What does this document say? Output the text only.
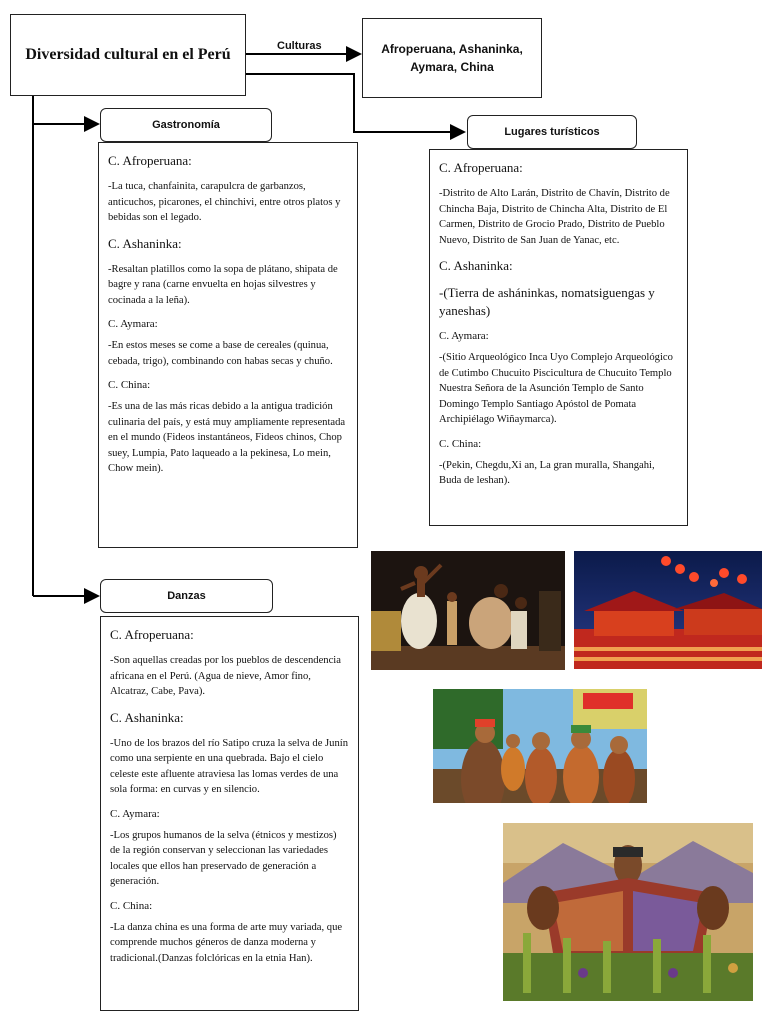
Diversidad cultural en el Perú	Culturas	Afroperuana, Ashaninka, Aymara, China
Gastronomía
C. Afroperuana:
-La tuca, chanfainita, carapulcra de garbanzos, anticuchos, picarones, el chinchivi, entre otros platos y bebidas son el legado.
C. Ashaninka:
-Resaltan platillos como la sopa de plátano, shipata de bagre y rana (carne envuelta en hojas silvestres y cocinada a la leña).
C. Aymara:
-En estos meses se come a base de cereales (quinua, cebada, trigo), combinando con habas secas y chuño.
C. China:
-Es una de las más ricas debido a la antigua tradición culinaria del país, y está muy ampliamente representada en el mundo (Fideos instantáneos, Fideos chinos, Chop suey, Lumpia, Pato laqueado a la pekinesa, Lo mein, Chow mein).
Lugares turísticos
C. Afroperuana:
-Distrito de Alto Larán, Distrito de Chavín, Distrito de Chincha Baja, Distrito de Chincha Alta, Distrito de El Carmen, Distrito de Grocio Prado, Distrito de Pueblo Nuevo, Distrito de San Juan de Yanac, etc.
C. Ashaninka:
-(Tierra de asháninkas, nomatsiguengas y yaneshas)
C. Aymara:
-(Sitio Arqueológico Inca Uyo Complejo Arqueológico de Cutimbo Chucuito Piscicultura de Chucuito Templo Nuestra Señora de la Asunción Templo de Santo Domingo Templo Santiago Apóstol de Pomata Archipiélago Wiñaymarca).
C. China:
-(Pekin, Chegdu,Xi an, La gran muralla, Shangahi, Buda de leshan).
Danzas
C. Afroperuana:
-Son aquellas creadas por los pueblos de descendencia africana en el Perú. (Agua de nieve, Amor fino, Alcatraz, Cabe, Pava).
C. Ashaninka:
-Uno de los brazos del río Satipo cruza la selva de Junín como una serpiente en una quebrada. Bajo el cielo celeste este afluente atraviesa las lomas verdes de una sola forma: en curvas y en silencio.
C. Aymara:
-Los grupos humanos de la selva (étnicos y mestizos) de la región conservan y seleccionan las variedades locales que ellos han preservado de generación a generación.
C. China:
-La danza china es una forma de arte muy variada, que comprende muchos géneros de danza moderna y tradicional.(Danzas folclóricas en la etnia Han).
